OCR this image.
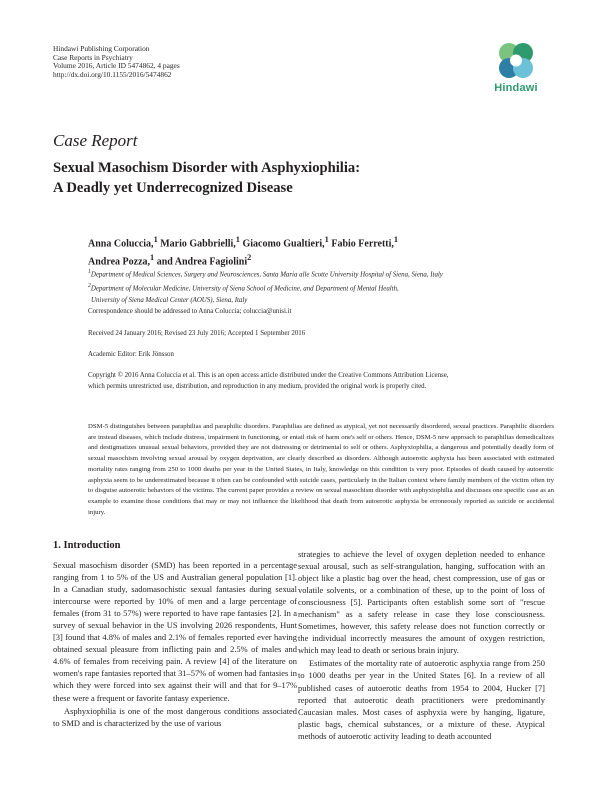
Hindawi Publishing Corporation
Case Reports in Psychiatry
Volume 2016, Article ID 5474862, 4 pages
http://dx.doi.org/10.1155/2016/5474862
Hindawi
Case Report
Sexual Masochism Disorder with Asphyxiophilia:
A Deadly yet Underrecognized Disease
Anna Coluccia,$^1$ Mario Gabbrielli,$^1$ Giacomo Gualtieri,$^1$ Fabio Ferretti,$^1$
Andrea Pozza,$^1$ and Andrea Fagiolini$^2$
$^1$Department of Medical Sciences, Surgery and Neurosciences, Santa Maria alle Scotte University Hospital of Siena, Siena, Italy
$^2$Department of Molecular Medicine, University of Siena School of Medicine, and Department of Mental Health,
University of Siena Medical Center (AOUS), Siena, Italy
Correspondence should be addressed to Anna Coluccia; coluccia@unisi.it
Received 24 January 2016; Revised 23 July 2016; Accepted 1 September 2016
Academic Editor: Erik Jönsson
Copyright © 2016 Anna Coluccia et al. This is an open access article distributed under the Creative Commons Attribution License,
which permits unrestricted use, distribution, and reproduction in any medium, provided the original work is properly cited.
DSM-5 distinguishes between paraphilias and paraphilic disorders. Paraphilias are defined as atypical, yet not necessarily disordered, sexual practices. Paraphilic disorders are instead diseases, which include distress, impairment in functioning, or entail risk of harm one's self or others. Hence, DSM-5 new approach to paraphilias demedicalizes and destigmatizes unusual sexual behaviors, provided they are not distressing or detrimental to self or others. Asphyxiophilia, a dangerous and potentially deadly form of sexual masochism involving sexual arousal by oxygen deprivation, are clearly described as disorders. Although autoerotic asphyxia has been associated with estimated mortality rates ranging from 250 to 1000 deaths per year in the United States, in Italy, knowledge on this condition is very poor. Episodes of death caused by autoerotic asphyxia seem to be underestimated because it often can be confounded with suicide cases, particularly in the Italian context where family members of the victim often try to disguise autoerotic behaviors of the victims. The current paper provides a review on sexual masochism disorder with asphyxiophilia and discusses one specific case as an example to examine those conditions that may or may not influence the likelihood that death from autoerotic asphyxia be erroneously reported as suicide or accidental injury.
1. Introduction

Sexual masochism disorder (SMD) has been reported in a percentage ranging from 1 to 5% of the US and Australian general population [1]. In a Canadian study, sadomasochistic sexual fantasies during sexual intercourse were reported by 10% of men and a large percentage of females (from 31 to 57%) were reported to have rape fantasies [2]. In a survey of sexual behavior in the US involving 2026 respondents, Hunt [3] found that 4.8% of males and 2.1% of females reported ever having obtained sexual pleasure from inflicting pain and 2.5% of males and 4.6% of females from receiving pain. A review [4] of the literature on women's rape fantasies reported that 31–57% of women had fantasies in which they were forced into sex against their will and that for 9–17% these were a frequent or favorite fantasy experience.

Asphyxiophilia is one of the most dangerous conditions associated to SMD and is characterized by the use of various

strategies to achieve the level of oxygen depletion needed to enhance sexual arousal, such as self-strangulation, hanging, suffocation with an object like a plastic bag over the head, chest compression, use of gas or volatile solvents, or a combination of these, up to the point of loss of consciousness [5]. Participants often establish some sort of "rescue mechanism" as a safety release in case they lose consciousness. Sometimes, however, this safety release does not function correctly or the individual incorrectly measures the amount of oxygen restriction, which may lead to death or serious brain injury.

Estimates of the mortality rate of autoerotic asphyxia range from 250 to 1000 deaths per year in the United States [6]. In a review of all published cases of autoerotic deaths from 1954 to 2004, Hucker [7] reported that autoerotic death practitioners were predominantly Caucasian males. Most cases of asphyxia were by hanging, ligature, plastic bags, chemical substances, or a mixture of these. Atypical methods of autoerotic activity leading to death accounted
